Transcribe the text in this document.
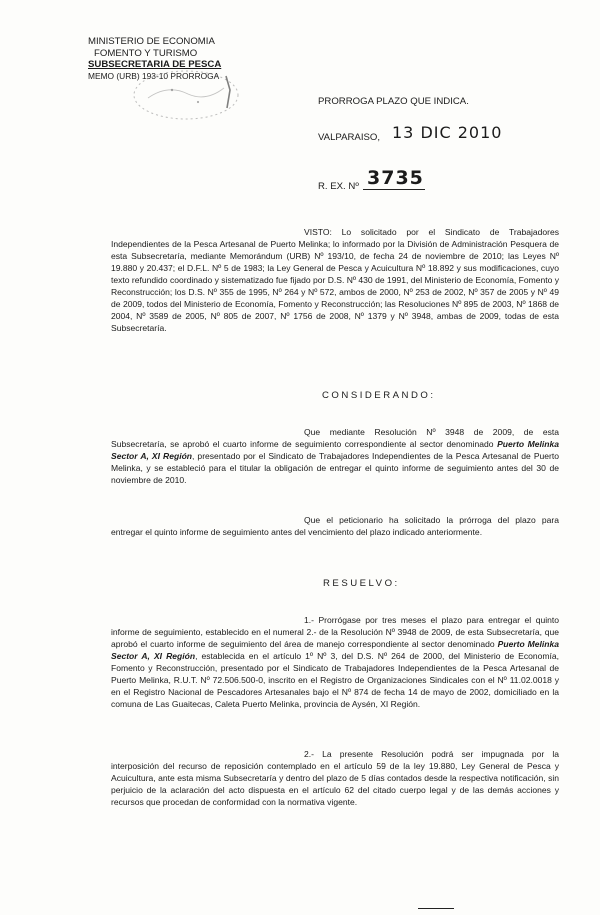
MINISTERIO DE ECONOMIA
FOMENTO Y TURISMO
SUBSECRETARIA DE PESCA
MEMO (URB) 193-10 PRORROGA
PRORROGA PLAZO QUE INDICA.
VALPARAISO, 13 DIC 2010
R. EX. Nº 3735
VISTO: Lo solicitado por el Sindicato de Trabajadores Independientes de la Pesca Artesanal de Puerto Melinka; lo informado por la División de Administración Pesquera de esta Subsecretaría, mediante Memorándum (URB) Nº 193/10, de fecha 24 de noviembre de 2010; las Leyes Nº 19.880 y 20.437; el D.F.L. Nº 5 de 1983; la Ley General de Pesca y Acuicultura Nº 18.892 y sus modificaciones, cuyo texto refundido coordinado y sistematizado fue fijado por D.S. Nº 430 de 1991, del Ministerio de Economía, Fomento y Reconstrucción; los D.S. Nº 355 de 1995, Nº 264 y Nº 572, ambos de 2000, Nº 253 de 2002, Nº 357 de 2005 y Nº 49 de 2009, todos del Ministerio de Economía, Fomento y Reconstrucción; las Resoluciones Nº 895 de 2003, Nº 1868 de 2004, Nº 3589 de 2005, Nº 805 de 2007, Nº 1756 de 2008, Nº 1379 y Nº 3948, ambas de 2009, todas de esta Subsecretaría.
CONSIDERANDO:
Que mediante Resolución Nº 3948 de 2009, de esta Subsecretaría, se aprobó el cuarto informe de seguimiento correspondiente al sector denominado Puerto Melinka Sector A, XI Región, presentado por el Sindicato de Trabajadores Independientes de la Pesca Artesanal de Puerto Melinka, y se estableció para el titular la obligación de entregar el quinto informe de seguimiento antes del 30 de noviembre de 2010.
Que el peticionario ha solicitado la prórroga del plazo para entregar el quinto informe de seguimiento antes del vencimiento del plazo indicado anteriormente.
RESUELVO:
1.- Prorrógase por tres meses el plazo para entregar el quinto informe de seguimiento, establecido en el numeral 2.- de la Resolución Nº 3948 de 2009, de esta Subsecretaría, que aprobó el cuarto informe de seguimiento del área de manejo correspondiente al sector denominado Puerto Melinka Sector A, XI Región, establecida en el artículo 1º Nº 3, del D.S. Nº 264 de 2000, del Ministerio de Economía, Fomento y Reconstrucción, presentado por el Sindicato de Trabajadores Independientes de la Pesca Artesanal de Puerto Melinka, R.U.T. Nº 72.506.500-0, inscrito en el Registro de Organizaciones Sindicales con el Nº 11.02.0018 y en el Registro Nacional de Pescadores Artesanales bajo el Nº 874 de fecha 14 de mayo de 2002, domiciliado en la comuna de Las Guaitecas, Caleta Puerto Melinka, provincia de Aysén, XI Región.
2.- La presente Resolución podrá ser impugnada por la interposición del recurso de reposición contemplado en el artículo 59 de la ley 19.880, Ley General de Pesca y Acuicultura, ante esta misma Subsecretaría y dentro del plazo de 5 días contados desde la respectiva notificación, sin perjuicio de la aclaración del acto dispuesta en el artículo 62 del citado cuerpo legal y de las demás acciones y recursos que procedan de conformidad con la normativa vigente.
